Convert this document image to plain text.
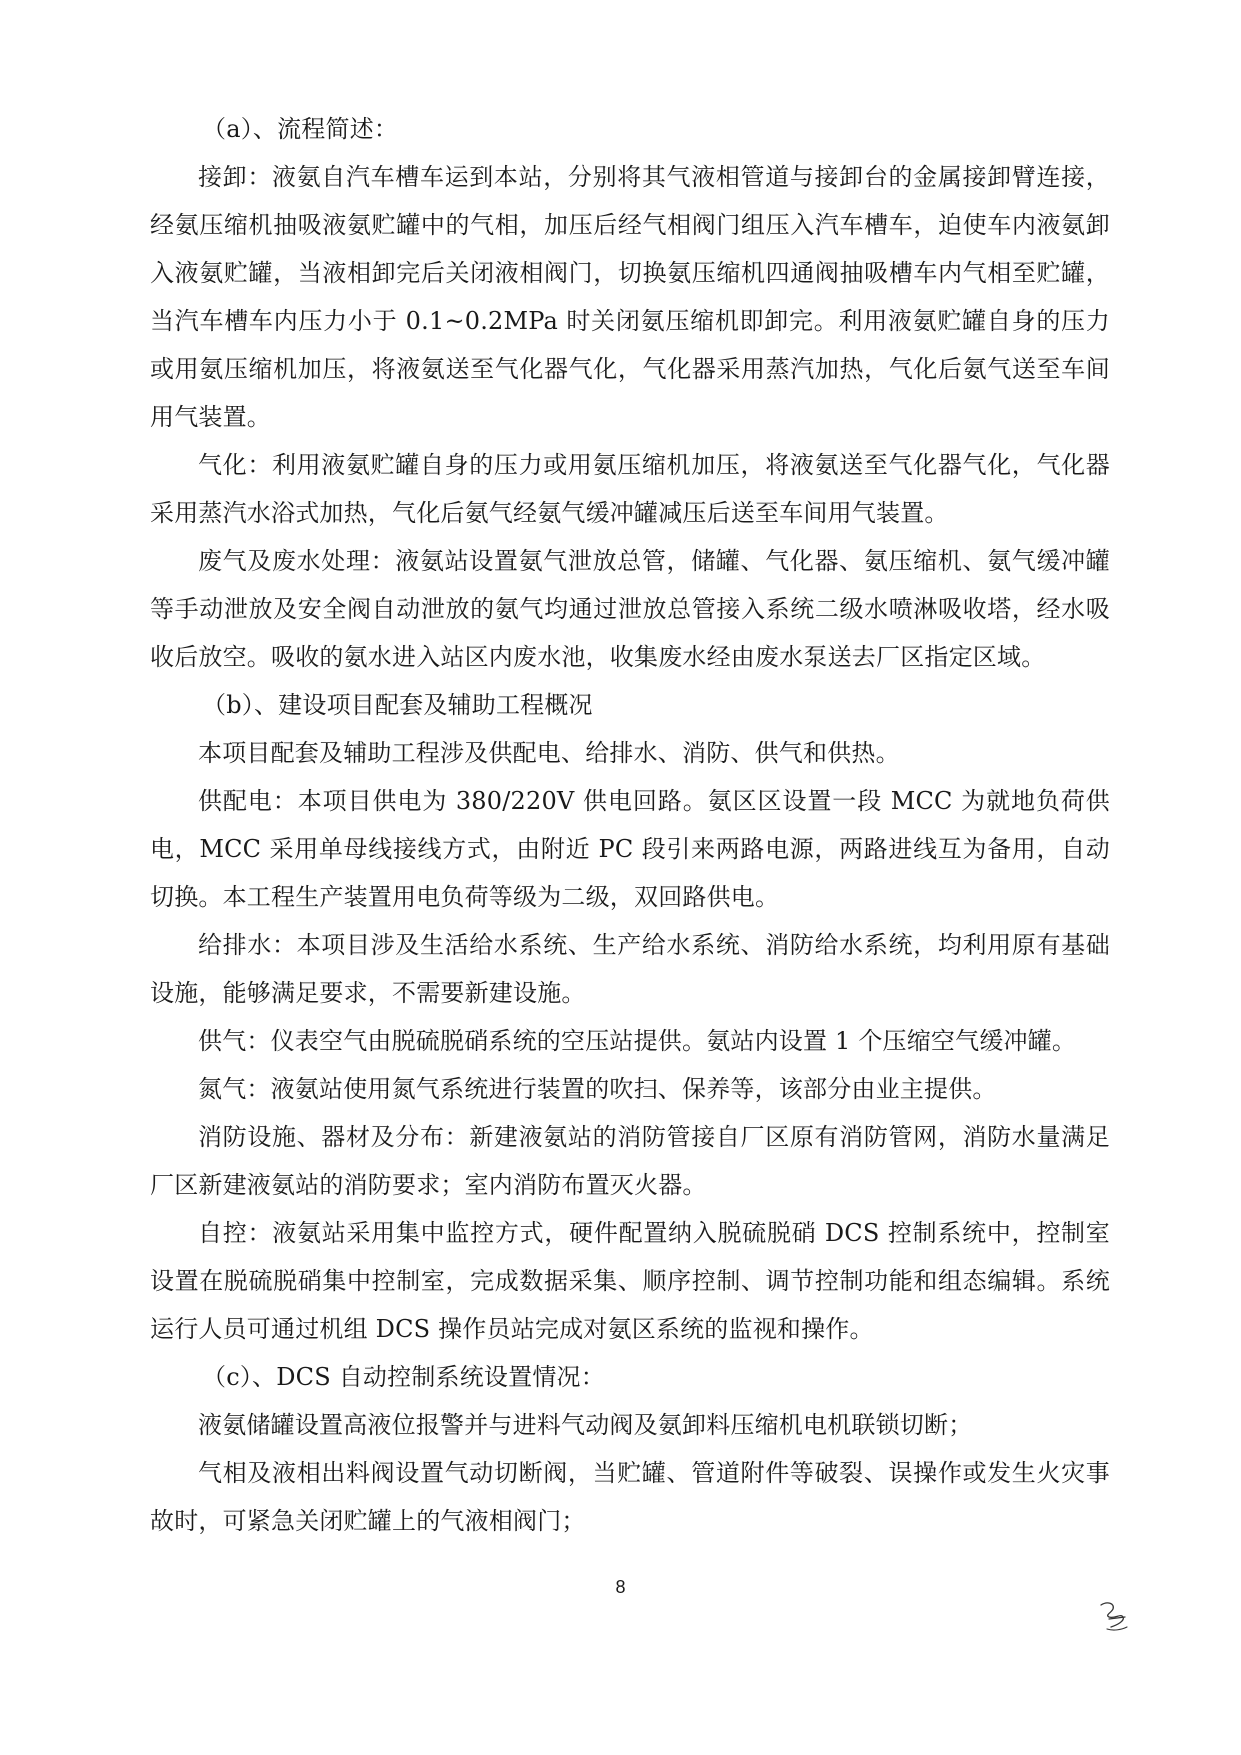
（a）、流程简述：

接卸：液氨自汽车槽车运到本站，分别将其气液相管道与接卸台的金属接卸臂连接，经氨压缩机抽吸液氨贮罐中的气相，加压后经气相阀门组压入汽车槽车，迫使车内液氨卸入液氨贮罐，当液相卸完后关闭液相阀门，切换氨压缩机四通阀抽吸槽车内气相至贮罐，当汽车槽车内压力小于 0.1~0.2MPa 时关闭氨压缩机即卸完。利用液氨贮罐自身的压力或用氨压缩机加压，将液氨送至气化器气化，气化器采用蒸汽加热，气化后氨气送至车间用气装置。

气化：利用液氨贮罐自身的压力或用氨压缩机加压，将液氨送至气化器气化，气化器采用蒸汽水浴式加热，气化后氨气经氨气缓冲罐减压后送至车间用气装置。

废气及废水处理：液氨站设置氨气泄放总管，储罐、气化器、氨压缩机、氨气缓冲罐等手动泄放及安全阀自动泄放的氨气均通过泄放总管接入系统二级水喷淋吸收塔，经水吸收后放空。吸收的氨水进入站区内废水池，收集废水经由废水泵送去厂区指定区域。

（b）、建设项目配套及辅助工程概况

本项目配套及辅助工程涉及供配电、给排水、消防、供气和供热。

供配电：本项目供电为 380/220V 供电回路。氨区区设置一段 MCC 为就地负荷供电，MCC 采用单母线接线方式，由附近 PC 段引来两路电源，两路进线互为备用，自动切换。本工程生产装置用电负荷等级为二级，双回路供电。

给排水：本项目涉及生活给水系统、生产给水系统、消防给水系统，均利用原有基础设施，能够满足要求，不需要新建设施。

供气：仪表空气由脱硫脱硝系统的空压站提供。氨站内设置 1 个压缩空气缓冲罐。

氮气：液氨站使用氮气系统进行装置的吹扫、保养等，该部分由业主提供。

消防设施、器材及分布：新建液氨站的消防管接自厂区原有消防管网，消防水量满足厂区新建液氨站的消防要求；室内消防布置灭火器。

自控：液氨站采用集中监控方式，硬件配置纳入脱硫脱硝 DCS 控制系统中，控制室设置在脱硫脱硝集中控制室，完成数据采集、顺序控制、调节控制功能和组态编辑。系统运行人员可通过机组 DCS 操作员站完成对氨区系统的监视和操作。

（c）、DCS 自动控制系统设置情况：

液氨储罐设置高液位报警并与进料气动阀及氨卸料压缩机电机联锁切断；

气相及液相出料阀设置气动切断阀，当贮罐、管道附件等破裂、误操作或发生火灾事故时，可紧急关闭贮罐上的气液相阀门；

8
